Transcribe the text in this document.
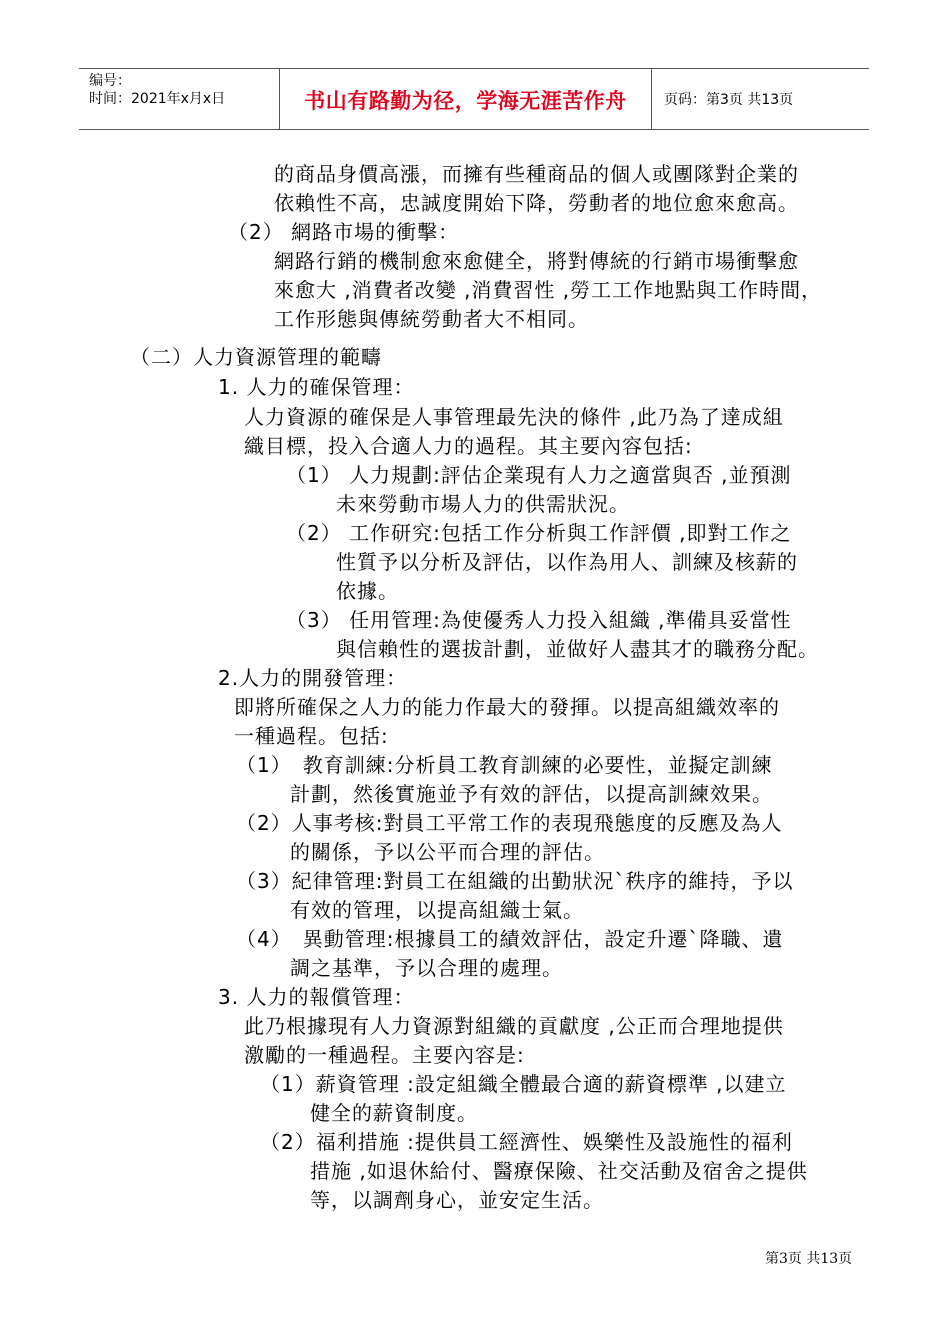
编号：
时间：2021年x月x日	书山有路勤为径，学海无涯苦作舟	页码：第3页 共13页
的商品身價高漲，而擁有些種商品的個人或團隊對企業的
依賴性不高，忠誠度開始下降，勞動者的地位愈來愈高。
（2） 網路市場的衝擊：
網路行銷的機制愈來愈健全，將對傳統的行銷市場衝擊愈
來愈大 ,消費者改變 ,消費習性 ,勞工工作地點與工作時間，
工作形態與傳統勞動者大不相同。
（二）人力資源管理的範疇
1. 人力的確保管理：
人力資源的確保是人事管理最先決的條件 ,此乃為了達成組
織目標，投入合適人力的過程。其主要內容包括:
（1） 人力規劃:評估企業現有人力之適當與否 ,並預測
未來勞動市場人力的供需狀況。
（2） 工作研究:包括工作分析與工作評價 ,即對工作之
性質予以分析及評估，以作為用人、訓練及核薪的
依據。
（3） 任用管理:為使優秀人力投入組織 ,準備具妥當性
與信賴性的選拔計劃，並做好人盡其才的職務分配。
2.人力的開發管理：
即將所確保之人力的能力作最大的發揮。以提高組織效率的
一種過程。包括:
（1）　教育訓練:分析員工教育訓練的必要性，並擬定訓練
計劃，然後實施並予有效的評估，以提高訓練效果。
（2）人事考核:對員工平常工作的表現飛態度的反應及為人
的關係，予以公平而合理的評估。
（3）紀律管理:對員工在組織的出勤狀況`秩序的維持，予以
有效的管理，以提高組織士氣。
（4）　異動管理:根據員工的績效評估，設定升遷`降職、遺
調之基準，予以合理的處理。
3. 人力的報償管理：
此乃根據現有人力資源對組織的貢獻度 ,公正而合理地提供
激勵的一種過程。主要內容是:
（1）薪資管理 :設定組織全體最合適的薪資標準 ,以建立
健全的薪資制度。
（2）福利措施 :提供員工經濟性、娛樂性及設施性的福利
措施 ,如退休給付、醫療保險、社交活動及宿舍之提供
等，以調劑身心，並安定生活。
第3页 共13页
